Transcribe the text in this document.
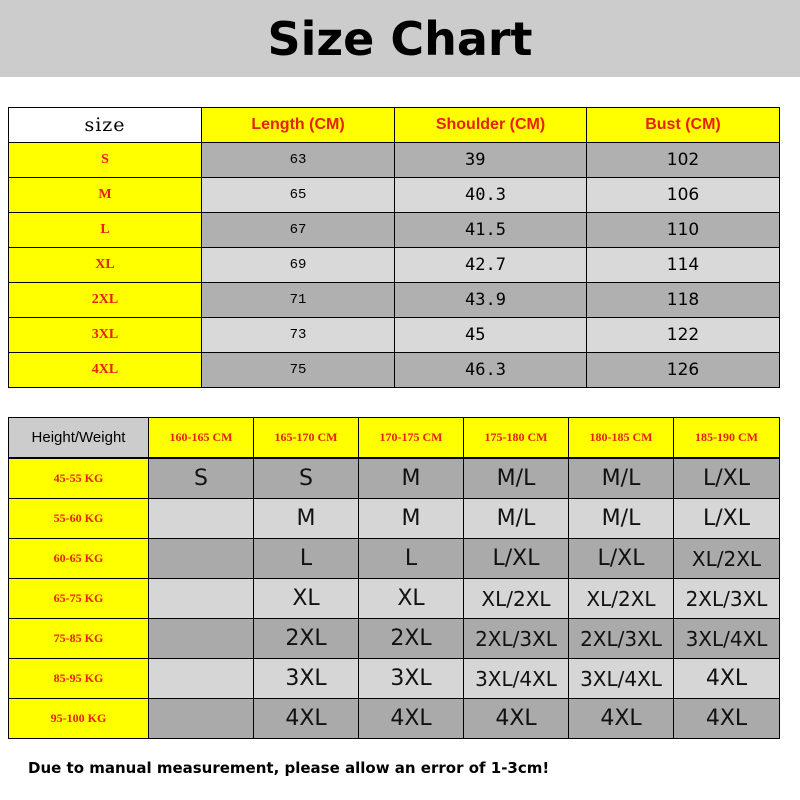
Size Chart
size	Length (CM)	Shoulder (CM)	Bust (CM)
S	63	39	102
M	65	40.3	106
L	67	41.5	110
XL	69	42.7	114
2XL	71	43.9	118
3XL	73	45	122
4XL	75	46.3	126
Height/Weight	160-165 CM	165-170 CM	170-175 CM	175-180 CM	180-185 CM	185-190 CM
45-55 KG	S	S	M	M/L	M/L	L/XL
55-60 KG		M	M	M/L	M/L	L/XL
60-65 KG		L	L	L/XL	L/XL	XL/2XL
65-75 KG		XL	XL	XL/2XL	XL/2XL	2XL/3XL
75-85 KG		2XL	2XL	2XL/3XL	2XL/3XL	3XL/4XL
85-95 KG		3XL	3XL	3XL/4XL	3XL/4XL	4XL
95-100 KG		4XL	4XL	4XL	4XL	4XL
Due to manual measurement, please allow an error of 1-3cm!
